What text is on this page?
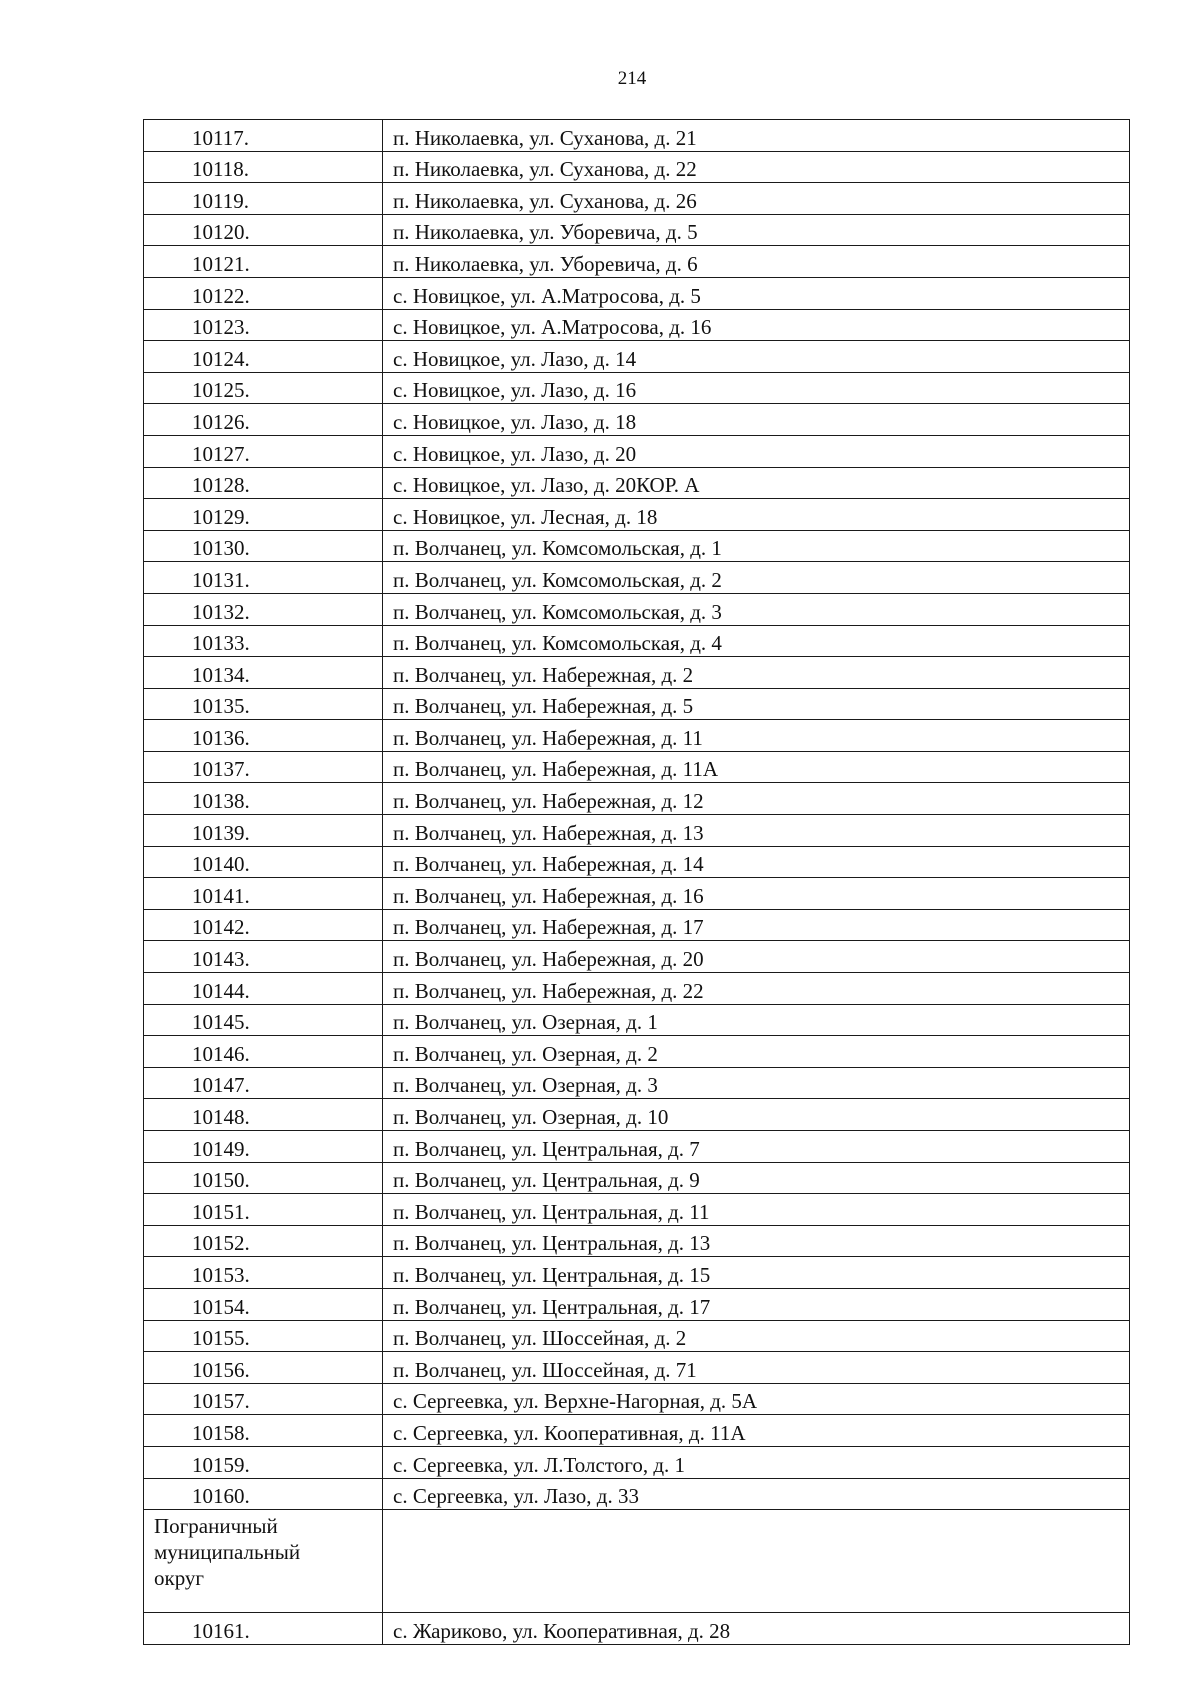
214
10117.	п. Николаевка, ул. Суханова, д. 21
10118.	п. Николаевка, ул. Суханова, д. 22
10119.	п. Николаевка, ул. Суханова, д. 26
10120.	п. Николаевка, ул. Уборевича, д. 5
10121.	п. Николаевка, ул. Уборевича, д. 6
10122.	с. Новицкое, ул. А.Матросова, д. 5
10123.	с. Новицкое, ул. А.Матросова, д. 16
10124.	с. Новицкое, ул. Лазо, д. 14
10125.	с. Новицкое, ул. Лазо, д. 16
10126.	с. Новицкое, ул. Лазо, д. 18
10127.	с. Новицкое, ул. Лазо, д. 20
10128.	с. Новицкое, ул. Лазо, д. 20КОР. А
10129.	с. Новицкое, ул. Лесная, д. 18
10130.	п. Волчанец, ул. Комсомольская, д. 1
10131.	п. Волчанец, ул. Комсомольская, д. 2
10132.	п. Волчанец, ул. Комсомольская, д. 3
10133.	п. Волчанец, ул. Комсомольская, д. 4
10134.	п. Волчанец, ул. Набережная, д. 2
10135.	п. Волчанец, ул. Набережная, д. 5
10136.	п. Волчанец, ул. Набережная, д. 11
10137.	п. Волчанец, ул. Набережная, д. 11А
10138.	п. Волчанец, ул. Набережная, д. 12
10139.	п. Волчанец, ул. Набережная, д. 13
10140.	п. Волчанец, ул. Набережная, д. 14
10141.	п. Волчанец, ул. Набережная, д. 16
10142.	п. Волчанец, ул. Набережная, д. 17
10143.	п. Волчанец, ул. Набережная, д. 20
10144.	п. Волчанец, ул. Набережная, д. 22
10145.	п. Волчанец, ул. Озерная, д. 1
10146.	п. Волчанец, ул. Озерная, д. 2
10147.	п. Волчанец, ул. Озерная, д. 3
10148.	п. Волчанец, ул. Озерная, д. 10
10149.	п. Волчанец, ул. Центральная, д. 7
10150.	п. Волчанец, ул. Центральная, д. 9
10151.	п. Волчанец, ул. Центральная, д. 11
10152.	п. Волчанец, ул. Центральная, д. 13
10153.	п. Волчанец, ул. Центральная, д. 15
10154.	п. Волчанец, ул. Центральная, д. 17
10155.	п. Волчанец, ул. Шоссейная, д. 2
10156.	п. Волчанец, ул. Шоссейная, д. 71
10157.	с. Сергеевка, ул. Верхне-Нагорная, д. 5А
10158.	с. Сергеевка, ул. Кооперативная, д. 11А
10159.	с. Сергеевка, ул. Л.Толстого, д. 1
10160.	с. Сергеевка, ул. Лазо, д. 33
Пограничный
муниципальный
округ	
10161.	с. Жариково, ул. Кооперативная, д. 28
